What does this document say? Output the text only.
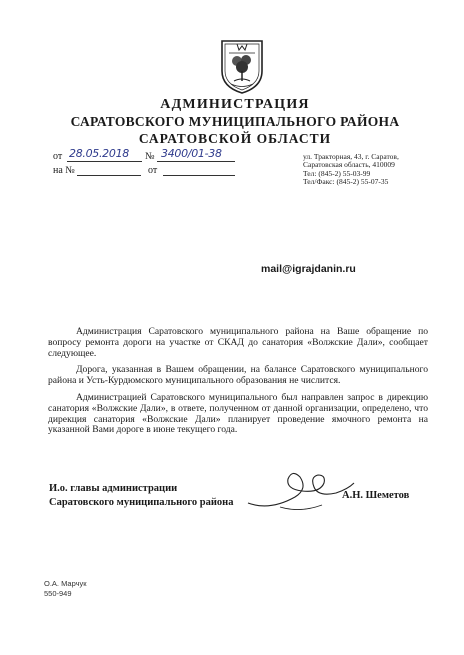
АДМИНИСТРАЦИЯ
САРАТОВСКОГО МУНИЦИПАЛЬНОГО РАЙОНА
САРАТОВСКОЙ ОБЛАСТИ
от 28.05.2018 № 3400/01-38
на №	от
ул. Тракторная, 43, г. Саратов,
Саратовская область, 410009
Тел: (845-2) 55-03-99
Тел/Факс: (845-2) 55-07-35
mail@igrajdanin.ru

Администрация Саратовского муниципального района на Ваше обращение по вопросу ремонта дороги на участке от СКАД до санатория «Волжские Дали», сообщает следующее.

Дорога, указанная в Вашем обращении, на балансе Саратовского муниципального района и Усть-Курдюмского муниципального образования не числится.

Администрацией Саратовского муниципального был направлен запрос в дирекцию санатория «Волжские Дали», в ответе, полученном от данной организации, определено, что дирекция санатория «Волжские Дали» планирует проведение ямочного ремонта на указанной Вами дороге в июне текущего года.

И.о. главы администрации
Саратовского муниципального района
А.Н. Шеметов
О.А. Марчук
550-949
